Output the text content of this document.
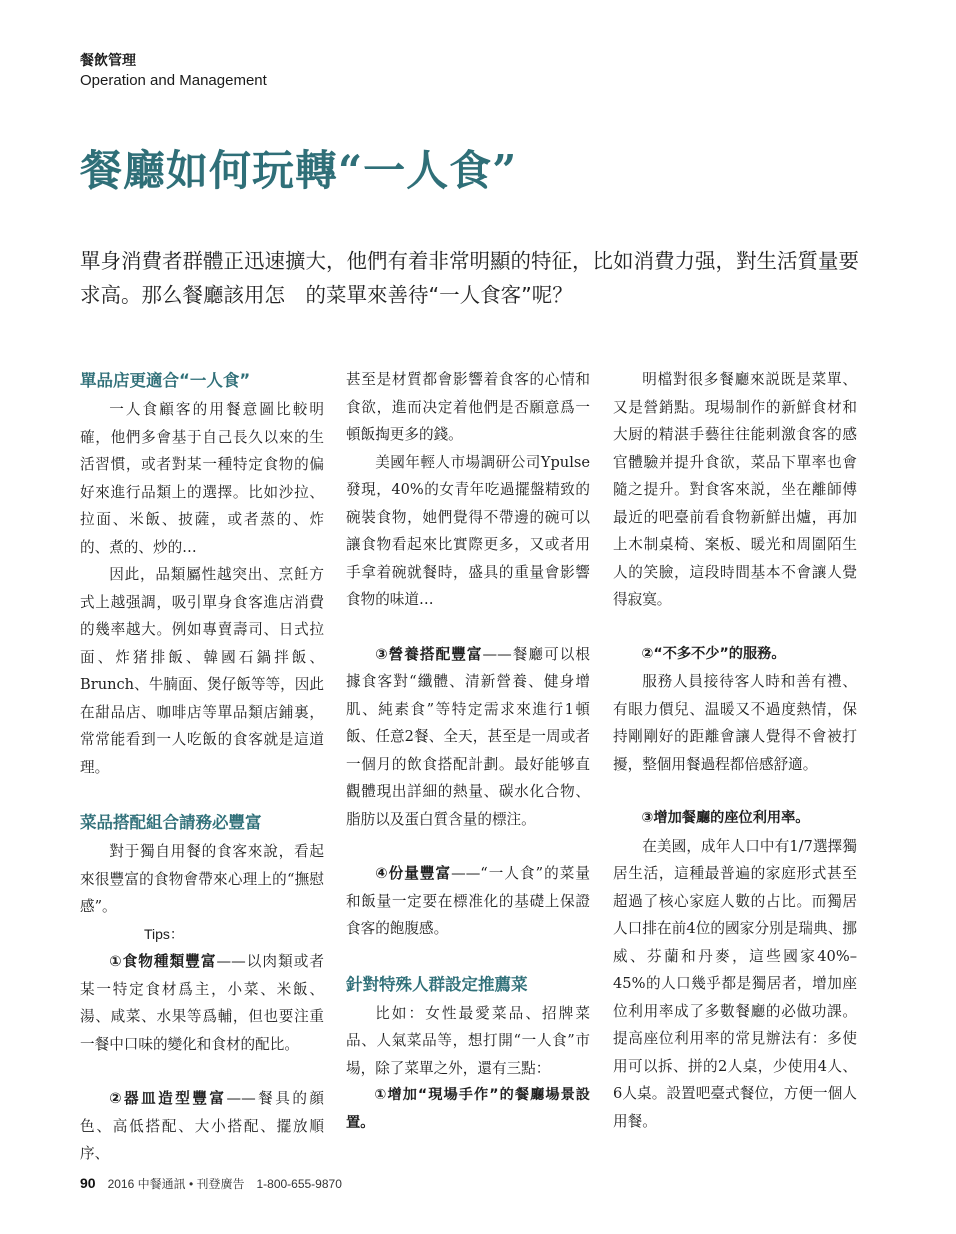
餐飲管理
Operation and Management
餐廳如何玩轉“一人食”
單身消費者群體正迅速擴大，他們有着非常明顯的特征，比如消費力强，對生活質量要求高。那么餐廳該用怎　的菜單來善待“一人食客”呢？
單品店更適合“一人食”

一人食顧客的用餐意圖比較明確，他們多會基于自己長久以來的生活習慣，或者對某一種特定食物的偏好來進行品類上的選擇。比如沙拉、拉面、米飯、披薩，或者蒸的、炸的、煮的、炒的…

因此，品類屬性越突出、烹飪方式上越强調，吸引單身食客進店消費的幾率越大。例如專賣壽司、日式拉面、炸猪排飯、韓國石鍋拌飯、Brunch、牛腩面、煲仔飯等等，因此在甜品店、咖啡店等單品類店鋪裏，常常能看到一人吃飯的食客就是這道理。

菜品搭配組合請務必豐富

對于獨自用餐的食客來說，看起來很豐富的食物會帶來心理上的“撫慰感”。

Tips：

①食物種類豐富——以肉類或者某一特定食材爲主，小菜、米飯、湯、咸菜、水果等爲輔，但也要注重一餐中口味的變化和食材的配比。

②器皿造型豐富——餐具的顔色、高低搭配、大小搭配、擺放順序、

甚至是材質都會影響着食客的心情和食欲，進而决定着他們是否願意爲一頓飯掏更多的錢。

美國年輕人市場調研公司Ypulse發現，40%的女青年吃過擺盤精致的碗裝食物，她們覺得不帶邊的碗可以讓食物看起來比實際更多，又或者用手拿着碗就餐時，盛具的重量會影響食物的味道…

③營養搭配豐富——餐廳可以根據食客對“纖體、清新營養、健身增肌、純素食”等特定需求來進行1頓飯、任意2餐、全天，甚至是一周或者一個月的飲食搭配計劃。最好能够直觀體現出詳細的熱量、碳水化合物、脂肪以及蛋白質含量的標注。

④份量豐富——“一人食”的菜量和飯量一定要在標准化的基礎上保證食客的飽腹感。

針對特殊人群設定推薦菜

比如：女性最愛菜品、招牌菜品、人氣菜品等，想打開“一人食”市場，除了菜單之外，還有三點：

①增加“現場手作”的餐廳場景設置。

明檔對很多餐廳來説既是菜單、又是營銷點。現場制作的新鮮食材和大厨的精湛手藝往往能刺激食客的感官體驗并提升食欲，菜品下單率也會隨之提升。對食客來説，坐在離師傅最近的吧臺前看食物新鮮出爐，再加上木制桌椅、案板、暖光和周圍陌生人的笑臉，這段時間基本不會讓人覺得寂寞。

②“不多不少”的服務。

服務人員接待客人時和善有禮、有眼力價兒、温暖又不過度熱情，保持剛剛好的距離會讓人覺得不會被打擾，整個用餐過程都倍感舒適。

③增加餐廳的座位利用率。

在美國，成年人口中有1/7選擇獨居生活，這種最普遍的家庭形式甚至超過了核心家庭人數的占比。而獨居人口排在前4位的國家分別是瑞典、挪威、芬蘭和丹麥，這些國家40%–45%的人口幾乎都是獨居者，增加座位利用率成了多數餐廳的必做功課。提高座位利用率的常見辦法有：多使用可以拆、拼的2人桌，少使用4人、6人桌。設置吧臺式餐位，方便一個人用餐。

90 2016 中餐通訊 • 刊登廣告　1-800-655-9870
